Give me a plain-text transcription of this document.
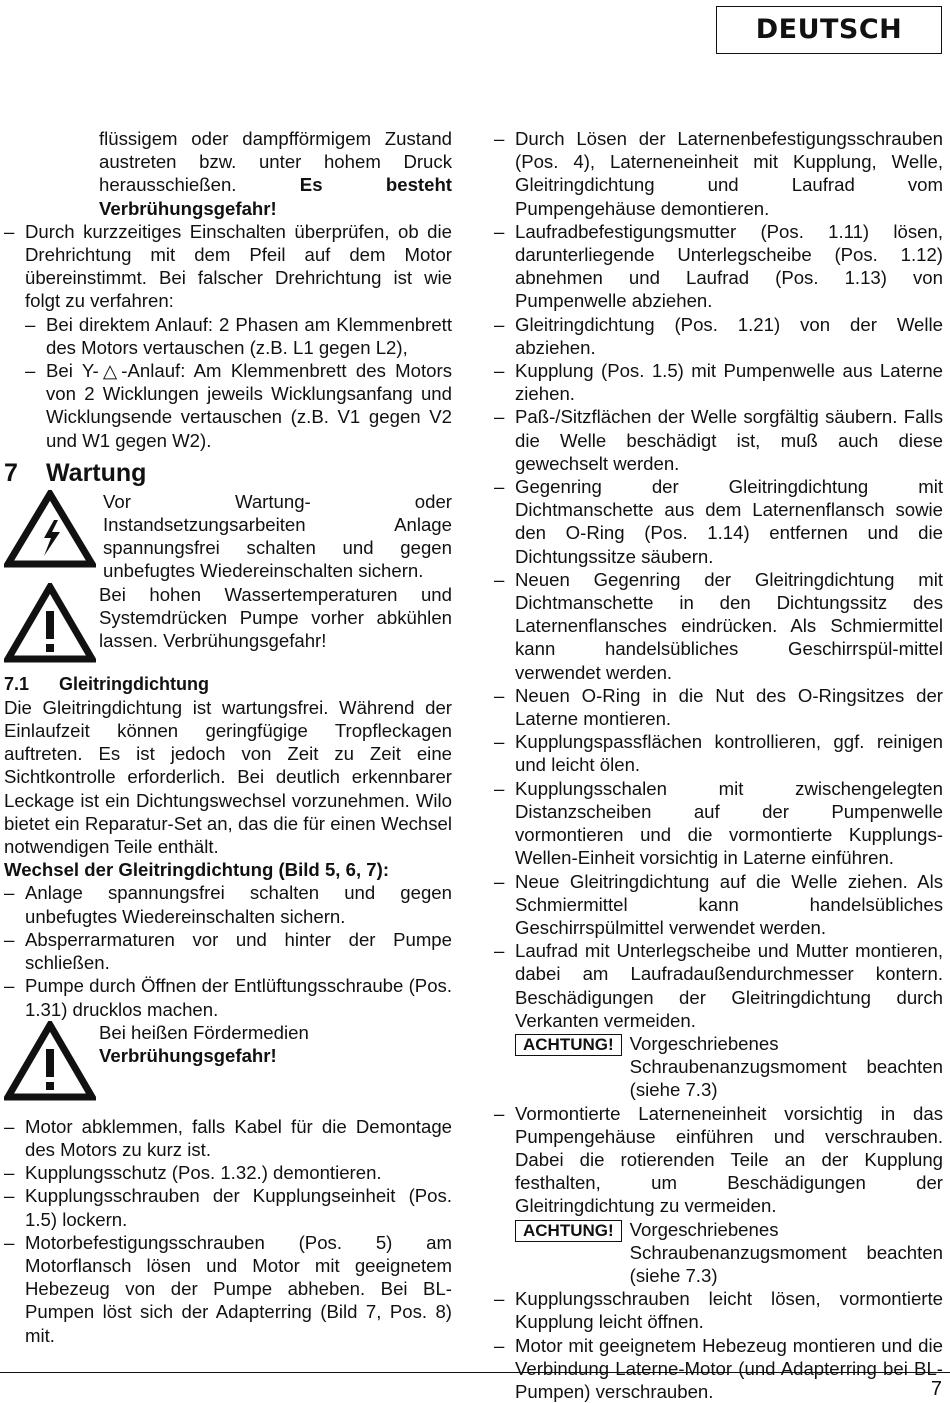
DEUTSCH

flüssigem oder dampfförmigem Zustand austreten bzw. unter hohem Druck herausschießen. Es besteht Verbrühungsgefahr!

– Durch kurzzeitiges Einschalten überprüfen, ob die Drehrichtung mit dem Pfeil auf dem Motor übereinstimmt. Bei falscher Drehrichtung ist wie folgt zu verfahren:
– Bei direktem Anlauf: 2 Phasen am Klemmenbrett des Motors vertauschen (z.B. L1 gegen L2),
– Bei Y-△-Anlauf: Am Klemmenbrett des Motors von 2 Wicklungen jeweils Wicklungsanfang und Wicklungsende vertauschen (z.B. V1 gegen V2 und W1 gegen W2).
7	Wartung

Vor Wartung- oder Instandsetzungsarbeiten Anlage spannungsfrei schalten und gegen unbefugtes Wiedereinschalten sichern.

Bei hohen Wassertemperaturen und Systemdrücken Pumpe vorher abkühlen lassen. Verbrühungsgefahr!

7.1	Gleitringdichtung

Die Gleitringdichtung ist wartungsfrei. Während der Einlaufzeit können geringfügige Tropfleckagen auftreten. Es ist jedoch von Zeit zu Zeit eine Sichtkontrolle erforderlich. Bei deutlich erkennbarer Leckage ist ein Dichtungswechsel vorzunehmen. Wilo bietet ein Reparatur-Set an, das die für einen Wechsel notwendigen Teile enthält.

Wechsel der Gleitringdichtung (Bild 5, 6, 7):

– Anlage spannungsfrei schalten und gegen unbefugtes Wiedereinschalten sichern.
– Absperrarmaturen vor und hinter der Pumpe schließen.
– Pumpe durch Öffnen der Entlüftungsschraube (Pos. 1.31) drucklos machen.

Bei heißen Fördermedien Verbrühungsgefahr!

– Motor abklemmen, falls Kabel für die Demontage des Motors zu kurz ist.
– Kupplungsschutz (Pos. 1.32.) demontieren.
– Kupplungsschrauben der Kupplungseinheit (Pos. 1.5) lockern.
– Motorbefestigungsschrauben (Pos. 5) am Motorflansch lösen und Motor mit geeignetem Hebezeug von der Pumpe abheben. Bei BL-Pumpen löst sich der Adapterring (Bild 7, Pos. 8) mit.
– Durch Lösen der Laternenbefestigungsschrauben (Pos. 4), Laterneneinheit mit Kupplung, Welle, Gleitringdichtung und Laufrad vom Pumpengehäuse demontieren.
– Laufradbefestigungsmutter (Pos. 1.11) lösen, darunterliegende Unterlegscheibe (Pos. 1.12) abnehmen und Laufrad (Pos. 1.13) von Pumpenwelle abziehen.
– Gleitringdichtung (Pos. 1.21) von der Welle abziehen.
– Kupplung (Pos. 1.5) mit Pumpenwelle aus Laterne ziehen.
– Paß-/Sitzflächen der Welle sorgfältig säubern. Falls die Welle beschädigt ist, muß auch diese gewechselt werden.
– Gegenring der Gleitringdichtung mit Dichtmanschette aus dem Laternenflansch sowie den O-Ring (Pos. 1.14) entfernen und die Dichtungssitze säubern.
– Neuen Gegenring der Gleitringdichtung mit Dichtmanschette in den Dichtungssitz des Laternenflansches eindrücken. Als Schmiermittel kann handelsübliches Geschirrspül-mittel verwendet werden.
– Neuen O-Ring in die Nut des O-Ringsitzes der Laterne montieren.
– Kupplungspassflächen kontrollieren, ggf. reinigen und leicht ölen.
– Kupplungsschalen mit zwischengelegten Distanzscheiben auf der Pumpenwelle vormontieren und die vormontierte Kupplungs-Wellen-Einheit vorsichtig in Laterne einführen.
– Neue Gleitringdichtung auf die Welle ziehen. Als Schmiermittel kann handelsübliches Geschirrspülmittel verwendet werden.
– Laufrad mit Unterlegscheibe und Mutter montieren, dabei am Laufradaußendurchmesser kontern. Beschädigungen der Gleitringdichtung durch Verkanten vermeiden.
ACHTUNG! Vorgeschriebenes Schraubenanzugsmoment beachten (siehe 7.3)

– Vormontierte Laterneneinheit vorsichtig in das Pumpengehäuse einführen und verschrauben. Dabei die rotierenden Teile an der Kupplung festhalten, um Beschädigungen der Gleitringdichtung zu vermeiden.
ACHTUNG! Vorgeschriebenes Schraubenanzugsmoment beachten (siehe 7.3)

– Kupplungsschrauben leicht lösen, vormontierte Kupplung leicht öffnen.
– Motor mit geeignetem Hebezeug montieren und die Verbindung Laterne-Motor (und Adapterring bei BL-Pumpen) verschrauben.	7
